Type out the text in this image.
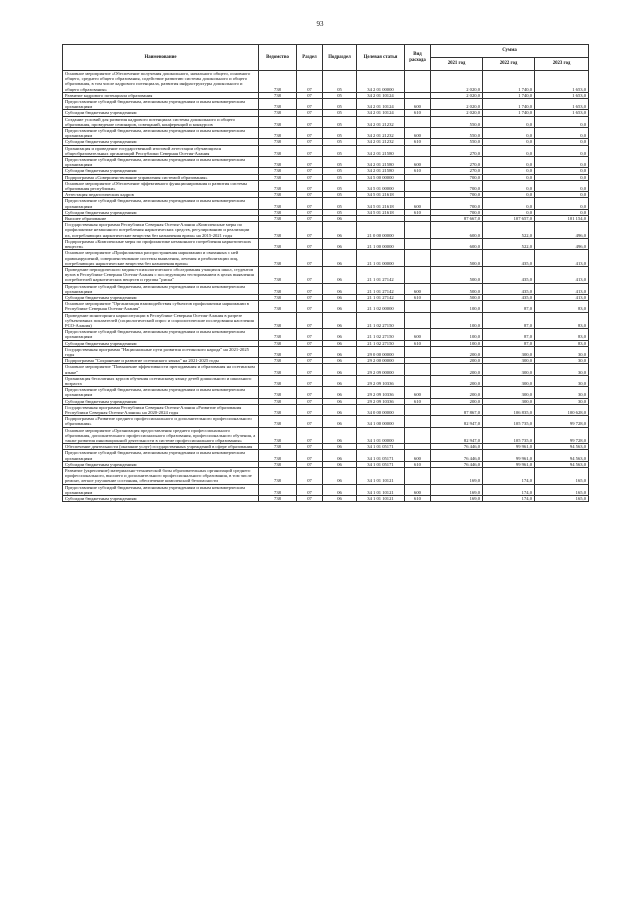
93
Наименование	Ведомство	Раздел	Подраздел	Целевая статья	Вид расхода	Сумма		
						2021 год	2022 год	2023 год
Основное мероприятие «Обеспечение получения дошкольного, начального общего, основного общего, среднего общего образования, содействие развитию системы дошкольного и общего образования, в том числе кадрового потенциала, развития инфраструктуры дошкольного и общего образования»	738	07	05	34 2 01 00000		2 020,0	1 740,0	1 653,0
Развитие кадрового потенциала образования	738	07	05	34 2 01 10124		2 020,0	1 740,0	1 653,0
Предоставление субсидий бюджетным, автономным учреждениям и иным некоммерческим организациям	738	07	05	34 2 01 10124	600	2 020,0	1 740,0	1 653,0
Субсидии бюджетным учреждениям	738	07	05	34 2 01 10124	610	2 020,0	1 740,0	1 653,0
Создание условий для развития кадрового потенциала системы дошкольного и общего образования, проведение семинаров, совещаний, конференций и конкурсов	738	07	05	34 2 01 21232		550,0	0,0	0,0
Предоставление субсидий бюджетным, автономным учреждениям и иным некоммерческим организациям	738	07	05	34 2 01 21232	600	550,0	0,0	0,0
Субсидии бюджетным учреждениям	738	07	05	34 2 01 21232	610	550,0	0,0	0,0
Организация и проведение государственной итоговой аттестации обучающихся общеобразовательных организаций Республики Северная Осетия-Алания	738	07	05	34 2 01 21580		270,0	0,0	0,0
Предоставление субсидий бюджетным, автономным учреждениям и иным некоммерческим организациям	738	07	05	34 2 01 21580	600	270,0	0,0	0,0
Субсидии бюджетным учреждениям	738	07	05	34 2 01 21580	610	270,0	0,0	0,0
Подпрограмма «Совершенствование управления системой образования»	738	07	05	34 5 00 00000		700,0	0,0	0,0
Основное мероприятие «Обеспечение эффективного функционирования и развития системы образования республики»	738	07	05	34 5 01 00000		700,0	0,0	0,0
Аттестация педагогических кадров	738	07	05	34 5 01 21618		700,0	0,0	0,0
Предоставление субсидий бюджетным, автономным учреждениям и иным некоммерческим организациям	738	07	05	34 5 01 21618	600	700,0	0,0	0,0
Субсидии бюджетным учреждениям	738	07	05	34 5 01 21618	610	700,0	0,0	0,0
Высшее образование	738	07	06			87 667,0	107 657,0	101 154,0
Государственная программа Республики Северная Осетия-Алания «Комплексные меры по профилактике незаконного потребления наркотических средств, регулированию и реализации их, потребляющих наркотические вещества без назначения врача» на 2015-2021 годы	738	07	06	21 0 00 00000		600,0	522,0	496,0
Подпрограмма «Комплексные меры по профилактике незаконного потребления наркотических веществ»	738	07	06	21 1 00 00000		600,0	522,0	496,0
Основное мероприятие «Профилактика распространения наркомании и связанных с ней правонарушений, совершенствование системы выявления, лечения и реабилитации лиц, потребляющих наркотические вещества без назначения врача»	738	07	06	21 1 01 00000		500,0	435,0	413,0
Проведение периодического медико-психологического обследования учащихся школ, студентов вузов в Республике Северная Осетия-Алания с последующим тестированием в целях выявления потребителей наркотических веществ и группы "риска"	738	07	06	21 1 01 27142		500,0	435,0	413,0
Предоставление субсидий бюджетным, автономным учреждениям и иным некоммерческим организациям	738	07	06	21 1 01 27142	600	500,0	435,0	413,0
Субсидии бюджетным учреждениям	738	07	06	21 1 01 27142	610	500,0	435,0	413,0
Основное мероприятие "Организация взаимодействия субъектов профилактики наркомании в Республике Северная Осетия-Алания"	738	07	06	21 1 02 00000		100,0	87,0	83,0
Проведение мониторинга наркоситуации в Республике Северная Осетия-Алания в разрезе субъективных показателей (социологический опрос и социологические исследования населения РСО-Алания)	738	07	06	21 1 02 27150		100,0	87,0	83,0
Предоставление субсидий бюджетным, автономным учреждениям и иным некоммерческим организациям	738	07	06	21 1 02 27150	600	100,0	87,0	83,0
Субсидии бюджетным учреждениям	738	07	06	21 1 02 27150	610	100,0	87,0	83,0
Государственная программа "Национальные пути развития осетинского народа" на 2021-2025 годы	738	07	06	29 0 00 00000		200,0	300,0	30,0
Подпрограмма "Сохранение и развитие осетинского языка" на 2021-2025 годы	738	07	06	29 2 00 00000		200,0	300,0	30,0
Основное мероприятие "Повышение эффективности преподавания и образования на осетинском языке"	738	07	06	29 2 09 00000		200,0	300,0	30,0
Организация бесплатных курсов обучения осетинскому языку детей дошкольного и школьного возраста	738	07	06	29 2 09 10336		200,0	300,0	30,0
Предоставление субсидий бюджетным, автономным учреждениям и иным некоммерческим организациям	738	07	06	29 2 09 10336	600	200,0	300,0	30,0
Субсидии бюджетным учреждениям	738	07	06	29 2 09 10336	610	200,0	300,0	30,0
Государственная программа Республики Северная Осетия-Алания «Развитие образования Республики Северная Осетия-Алания» на 2020-2024 годы	738	07	06	34 0 00 00000		87 867,0	106 835,0	100 628,0
Подпрограмма «Развитие среднего профессионального и дополнительного профессионального образования»	738	07	06	34 1 00 00000		82 947,0	105 735,0	99 728,0
Основное мероприятие «Организация предоставления среднего профессионального образования, дополнительного профессионального образования, профессионального обучения, а также развития инновационной деятельности в системе профессионального образования»	738	07	06	34 1 01 00000		82 947,0	105 735,0	99 728,0
Обеспечение деятельности (оказание услуг) государственных учреждений в сфере образования	738	07	06	34 1 01 05171		76 446,0	99 961,0	94 563,0
Предоставление субсидий бюджетным, автономным учреждениям и иным некоммерческим организациям	738	07	06	34 1 01 05171	600	76 446,0	99 961,0	94 563,0
Субсидии бюджетным учреждениям	738	07	06	34 1 01 05171	610	76 446,0	99 961,0	94 563,0
Развитие (укрепление) материально-технической базы образовательных организаций среднего профессионального, высшего и дополнительного профессионального образования, в том числе ремонт, легкое улучшение состояния, обеспечение комплексной безопасности	738	07	06	34 1 01 10121		169,0	174,0	165,0
Предоставление субсидий бюджетным, автономным учреждениям и иным некоммерческим организациям	738	07	06	34 1 01 10121	600	169,0	174,0	165,0
Субсидии бюджетным учреждениям	738	07	06	34 1 01 10121	610	169,0	174,0	165,0
